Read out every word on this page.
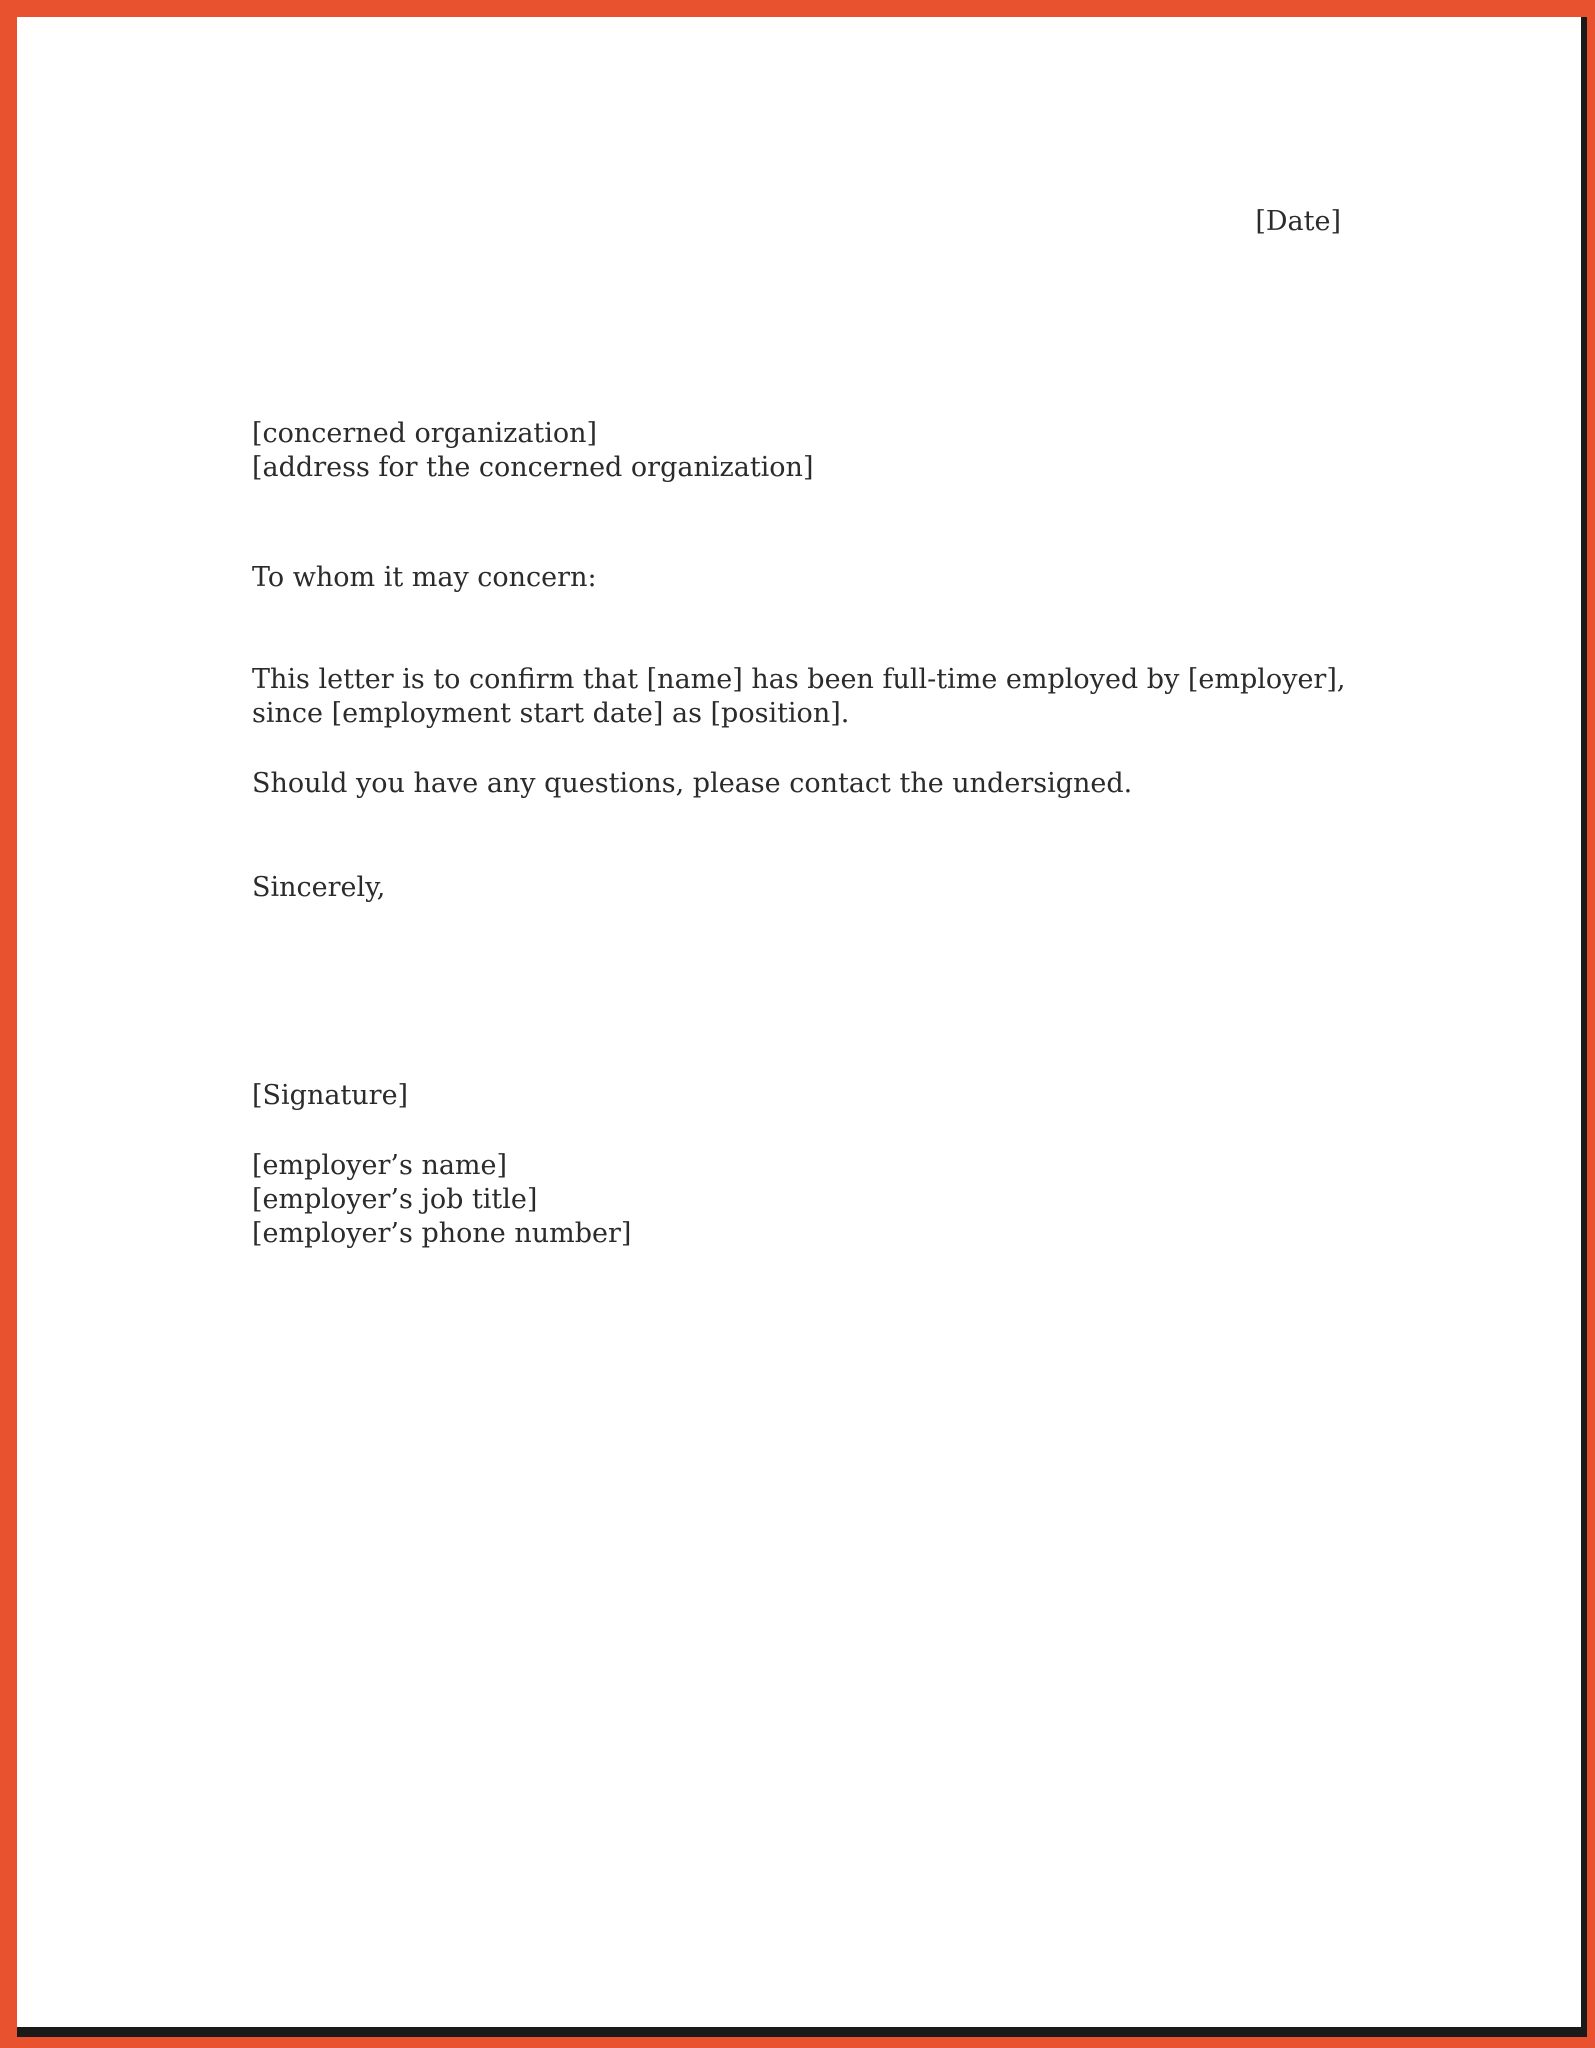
[Date]

[concerned organization]
[address for the concerned organization]

To whom it may concern:

This letter is to confirm that [name] has been full-time employed by [employer],
since [employment start date] as [position].

Should you have any questions, please contact the undersigned.

Sincerely,

[Signature]

[employer’s name]
[employer’s job title]
[employer’s phone number]
